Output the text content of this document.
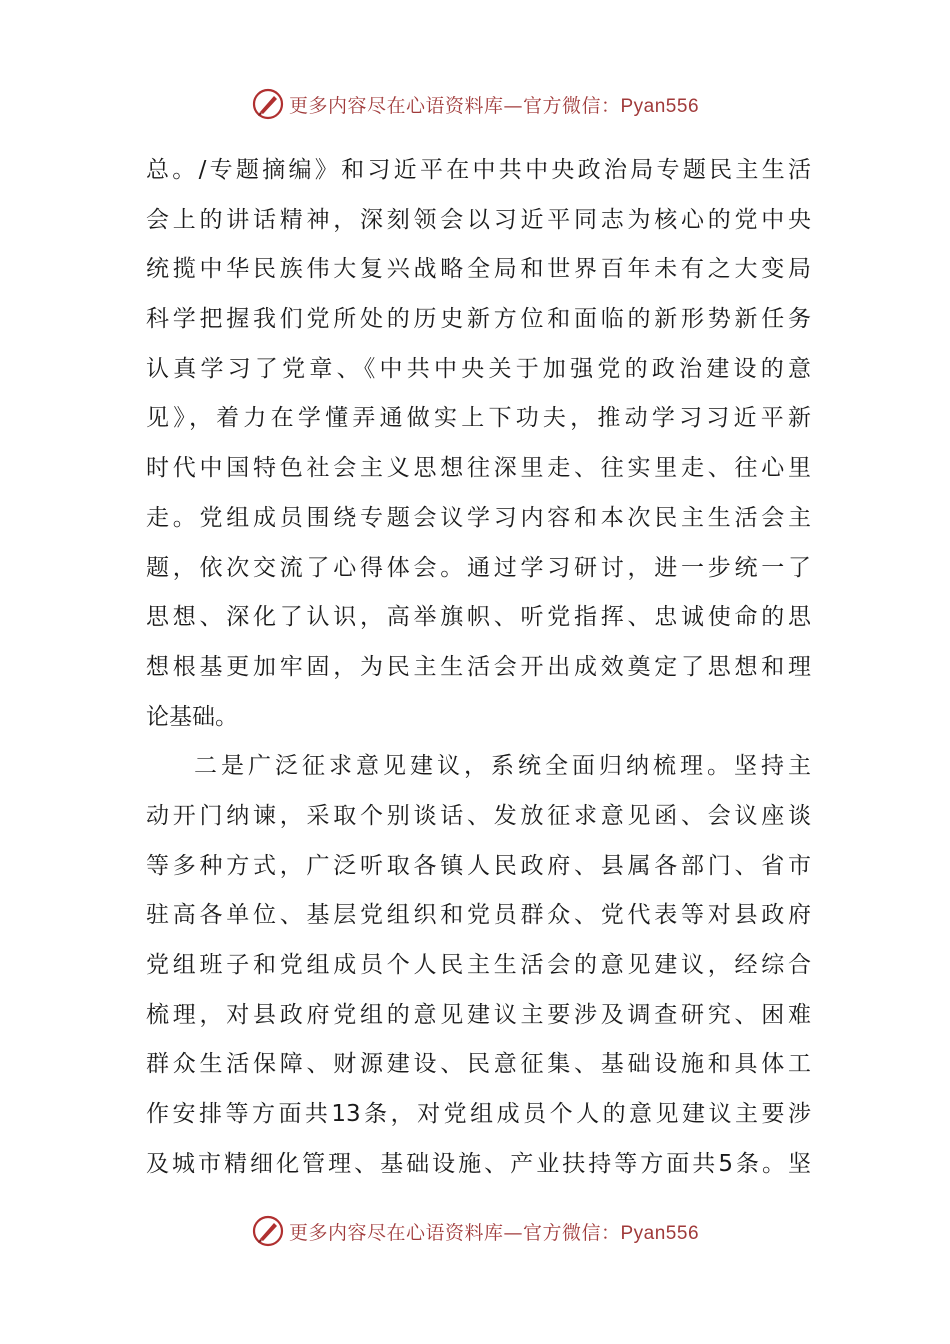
更多内容尽在心语资料库—官方微信：Pyan556
总。/专题摘编》和习近平在中共中央政治局专题民主生活
会上的讲话精神，深刻领会以习近平同志为核心的党中央
统揽中华民族伟大复兴战略全局和世界百年未有之大变局
科学把握我们党所处的历史新方位和面临的新形势新任务
认真学习了党章、《中共中央关于加强党的政治建设的意
见》，着力在学懂弄通做实上下功夫，推动学习习近平新
时代中国特色社会主义思想往深里走、往实里走、往心里
走。党组成员围绕专题会议学习内容和本次民主生活会主
题，依次交流了心得体会。通过学习研讨，进一步统一了
思想、深化了认识，高举旗帜、听党指挥、忠诚使命的思
想根基更加牢固，为民主生活会开出成效奠定了思想和理
论基础。
二是广泛征求意见建议，系统全面归纳梳理。坚持主
动开门纳谏，采取个别谈话、发放征求意见函、会议座谈
等多种方式，广泛听取各镇人民政府、县属各部门、省市
驻高各单位、基层党组织和党员群众、党代表等对县政府
党组班子和党组成员个人民主生活会的意见建议，经综合
梳理，对县政府党组的意见建议主要涉及调查研究、困难
群众生活保障、财源建设、民意征集、基础设施和具体工
作安排等方面共13条，对党组成员个人的意见建议主要涉
及城市精细化管理、基础设施、产业扶持等方面共5条。坚
更多内容尽在心语资料库—官方微信：Pyan556
